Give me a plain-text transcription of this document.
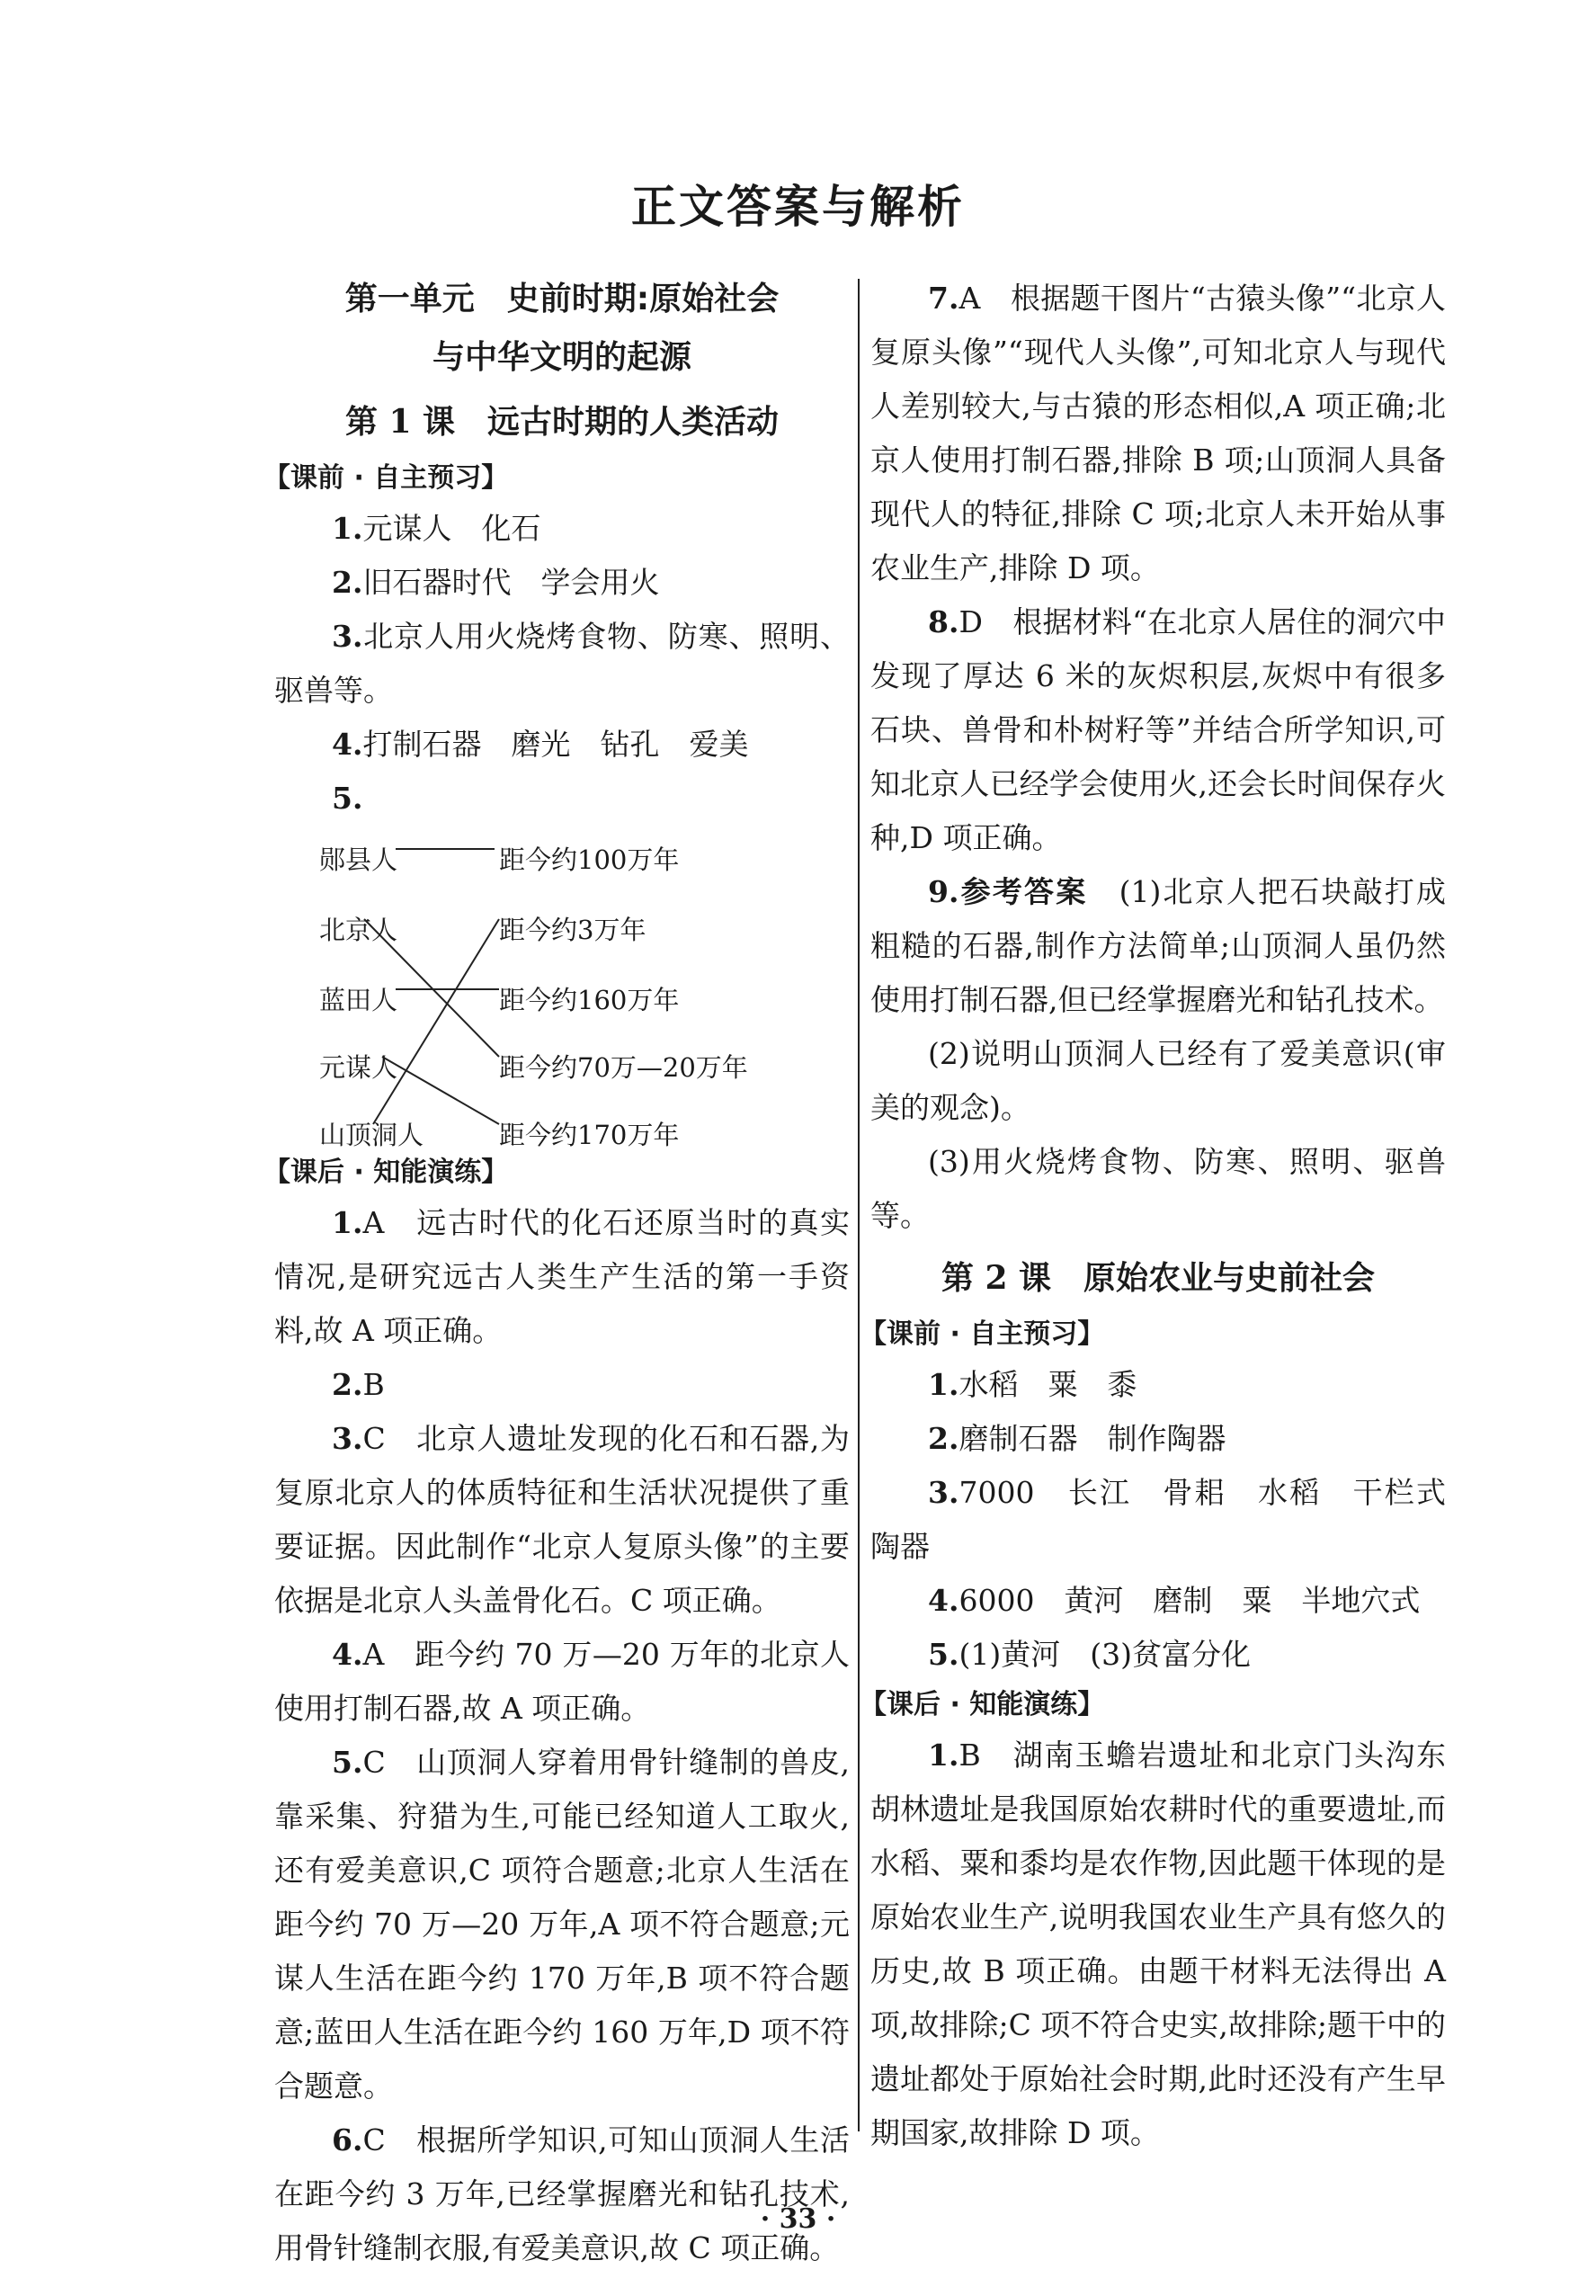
正文答案与解析
第一单元　史前时期:原始社会
与中华文明的起源
第 1 课　远古时期的人类活动
【课前 · 自主预习】
1.元谋人　化石
2.旧石器时代　学会用火
3.北京人用火烧烤食物、防寒、照明、驱兽等。
4.打制石器　磨光　钻孔　爱美
5.
郧县人	距今约100万年
北京人
蓝田人
元谋人
山顶洞人
距今约3万年
距今约160万年
距今约70万—20万年
距今约170万年
【课后 · 知能演练】
1.A　 远古时代的化石还原当时的真实情况,是研究远古人类生产生活的第一手资料,故 A 项正确。
2.B
3.C　 北京人遗址发现的化石和石器,为复原北京人的体质特征和生活状况提供了重要证据。因此制作“北京人复原头像”的主要依据是北京人头盖骨化石。C 项正确。
4.A　 距今约 70 万—20 万年的北京人使用打制石器,故 A 项正确。
5.C　 山顶洞人穿着用骨针缝制的兽皮,靠采集、狩猎为生,可能已经知道人工取火,还有爱美意识,C 项符合题意;北京人生活在距今约 70 万—20 万年,A 项不符合题意;元谋人生活在距今约 170 万年,B 项不符合题意;蓝田人生活在距今约 160 万年,D 项不符合题意。
6.C　 根据所学知识,可知山顶洞人生活在距今约 3 万年,已经掌握磨光和钻孔技术,用骨针缝制衣服,有爱美意识,故 C 项正确。
7.A　 根据题干图片“古猿头像”“北京人复原头像”“现代人头像”,可知北京人与现代人差别较大,与古猿的形态相似,A 项正确;北京人使用打制石器,排除 B 项;山顶洞人具备现代人的特征,排除 C 项;北京人未开始从事农业生产,排除 D 项。
8.D　 根据材料“在北京人居住的洞穴中发现了厚达 6 米的灰烬积层,灰烬中有很多石块、兽骨和朴树籽等”并结合所学知识,可知北京人已经学会使用火,还会长时间保存火种,D 项正确。
9.参考答案　 (1)北京人把石块敲打成粗糙的石器,制作方法简单;山顶洞人虽仍然使用打制石器,但已经掌握磨光和钻孔技术。
(2)说明山顶洞人已经有了爱美意识(审美的观念)。
(3)用火烧烤食物、防寒、照明、驱兽等。
第 2 课　原始农业与史前社会
【课前 · 自主预习】
1.水稻　粟　黍
2.磨制石器　制作陶器
3.7000　长江　骨耜　水稻　干栏式陶器
4.6000　黄河　磨制　粟　半地穴式
5.(1)黄河　(3)贫富分化
【课后 · 知能演练】
1.B　 湖南玉蟾岩遗址和北京门头沟东胡林遗址是我国原始农耕时代的重要遗址,而水稻、粟和黍均是农作物,因此题干体现的是原始农业生产,说明我国农业生产具有悠久的历史,故 B 项正确。由题干材料无法得出 A 项,故排除;C 项不符合史实,故排除;题干中的遗址都处于原始社会时期,此时还没有产生早期国家,故排除 D 项。
· 33 ·
